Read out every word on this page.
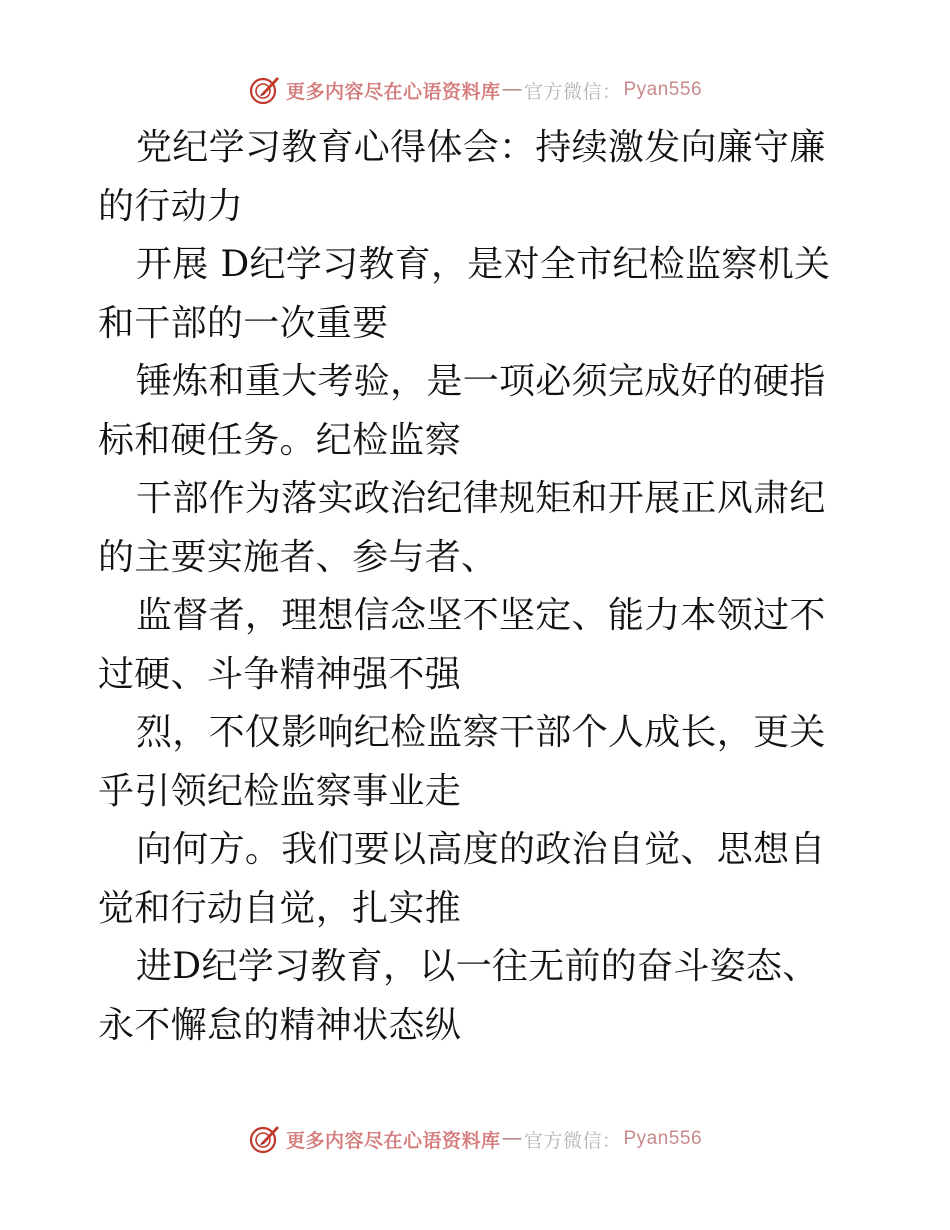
更多内容尽在心语资料库 — 官方微信： Pyan556

党纪学习教育心得体会：持续激发向廉守廉的行动力

开展 D纪学习教育，是对全市纪检监察机关和干部的一次重要

锤炼和重大考验，是一项必须完成好的硬指标和硬任务。纪检监察

干部作为落实政治纪律规矩和开展正风肃纪的主要实施者、参与者、

监督者，理想信念坚不坚定、能力本领过不过硬、斗争精神强不强

烈，不仅影响纪检监察干部个人成长，更关乎引领纪检监察事业走

向何方。我们要以高度的政治自觉、思想自觉和行动自觉，扎实推

进D纪学习教育，以一往无前的奋斗姿态、永不懈怠的精神状态纵

更多内容尽在心语资料库 — 官方微信： Pyan556
